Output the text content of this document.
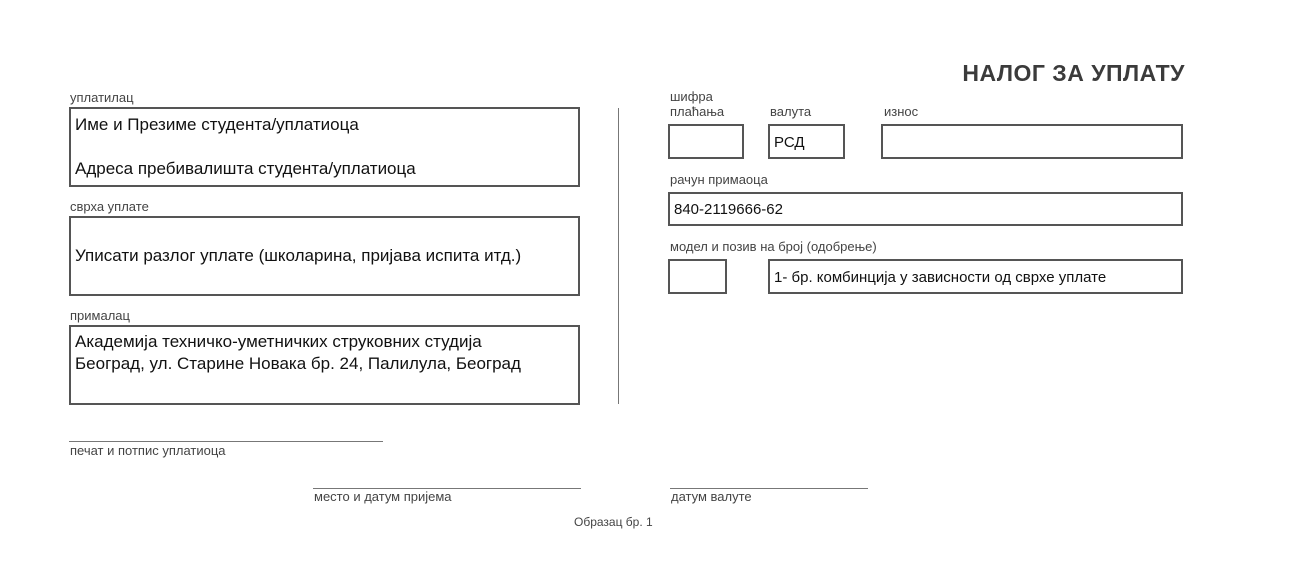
НАЛОГ ЗА УПЛАТУ
уплатилац
Име и Презиме студента/уплатиоца
Адреса пребивалишта студента/уплатиоца
сврха уплате
Уписати разлог уплате (школарина, пријава испита итд.)
прималац
Академија техничко-уметничких струковних студија
Београд, ул. Старине Новака бр. 24, Палилула, Београд
печат и потпис уплатиоца
шифра
плаћања	валута
РСД
износ
рачун примаоца
840-2119666-62
модел и позив на број (одобрење)
1- бр. комбинција у зависности од сврхе уплате
место и датум пријема	датум валуте
Образац бр. 1
